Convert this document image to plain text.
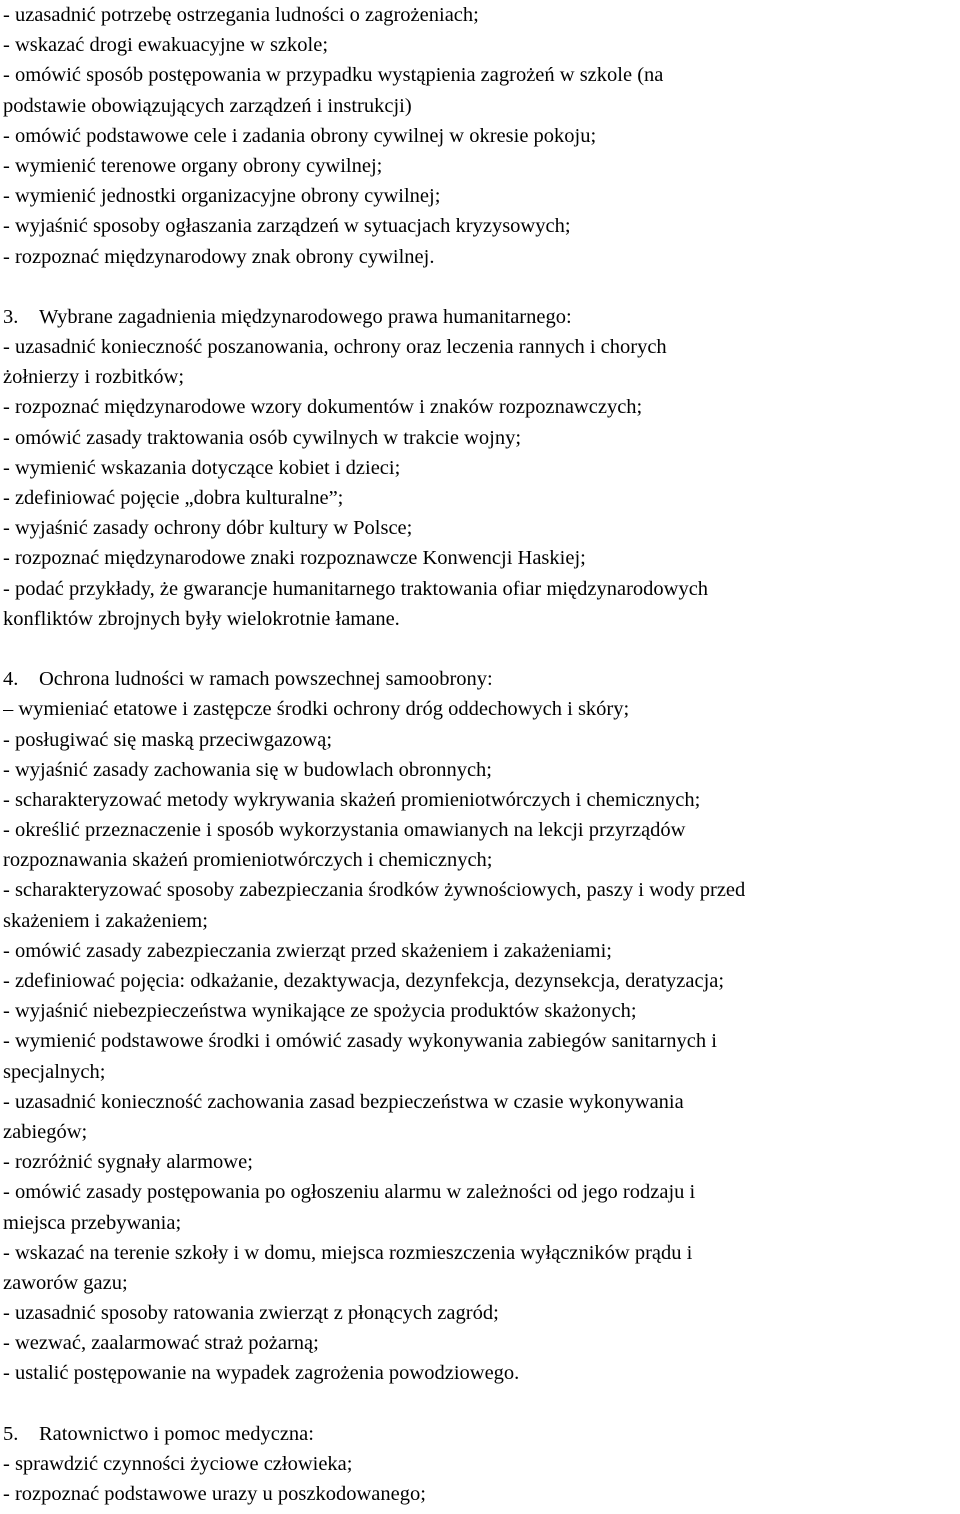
- uzasadnić potrzebę ostrzegania ludności o zagrożeniach;
- wskazać drogi ewakuacyjne w szkole;
- omówić sposób postępowania w przypadku wystąpienia zagrożeń w szkole (na
podstawie obowiązujących zarządzeń i instrukcji)
- omówić podstawowe cele i zadania obrony cywilnej w okresie pokoju;
- wymienić terenowe organy obrony cywilnej;
- wymienić jednostki organizacyjne obrony cywilnej;
- wyjaśnić sposoby ogłaszania zarządzeń w sytuacjach kryzysowych;
- rozpoznać międzynarodowy znak obrony cywilnej.
3. Wybrane zagadnienia międzynarodowego prawa humanitarnego:
- uzasadnić konieczność poszanowania, ochrony oraz leczenia rannych i chorych
żołnierzy i rozbitków;
- rozpoznać międzynarodowe wzory dokumentów i znaków rozpoznawczych;
- omówić zasady traktowania osób cywilnych w trakcie wojny;
- wymienić wskazania dotyczące kobiet i dzieci;
- zdefiniować pojęcie „dobra kulturalne”;
- wyjaśnić zasady ochrony dóbr kultury w Polsce;
- rozpoznać międzynarodowe znaki rozpoznawcze Konwencji Haskiej;
- podać przykłady, że gwarancje humanitarnego traktowania ofiar międzynarodowych
konfliktów zbrojnych były wielokrotnie łamane.
4. Ochrona ludności w ramach powszechnej samoobrony:
– wymieniać etatowe i zastępcze środki ochrony dróg oddechowych i skóry;
- posługiwać się maską przeciwgazową;
- wyjaśnić zasady zachowania się w budowlach obronnych;
- scharakteryzować metody wykrywania skażeń promieniotwórczych i chemicznych;
- określić przeznaczenie i sposób wykorzystania omawianych na lekcji przyrządów
rozpoznawania skażeń promieniotwórczych i chemicznych;
- scharakteryzować sposoby zabezpieczania środków żywnościowych, paszy i wody przed
skażeniem i zakażeniem;
- omówić zasady zabezpieczania zwierząt przed skażeniem i zakażeniami;
- zdefiniować pojęcia: odkażanie, dezaktywacja, dezynfekcja, dezynsekcja, deratyzacja;
- wyjaśnić niebezpieczeństwa wynikające ze spożycia produktów skażonych;
- wymienić podstawowe środki i omówić zasady wykonywania zabiegów sanitarnych i
specjalnych;
- uzasadnić konieczność zachowania zasad bezpieczeństwa w czasie wykonywania
zabiegów;
- rozróżnić sygnały alarmowe;
- omówić zasady postępowania po ogłoszeniu alarmu w zależności od jego rodzaju i
miejsca przebywania;
- wskazać na terenie szkoły i w domu, miejsca rozmieszczenia wyłączników prądu i
zaworów gazu;
- uzasadnić sposoby ratowania zwierząt z płonących zagród;
- wezwać, zaalarmować straż pożarną;
- ustalić postępowanie na wypadek zagrożenia powodziowego.
5. Ratownictwo i pomoc medyczna:
- sprawdzić czynności życiowe człowieka;
- rozpoznać podstawowe urazy u poszkodowanego;
